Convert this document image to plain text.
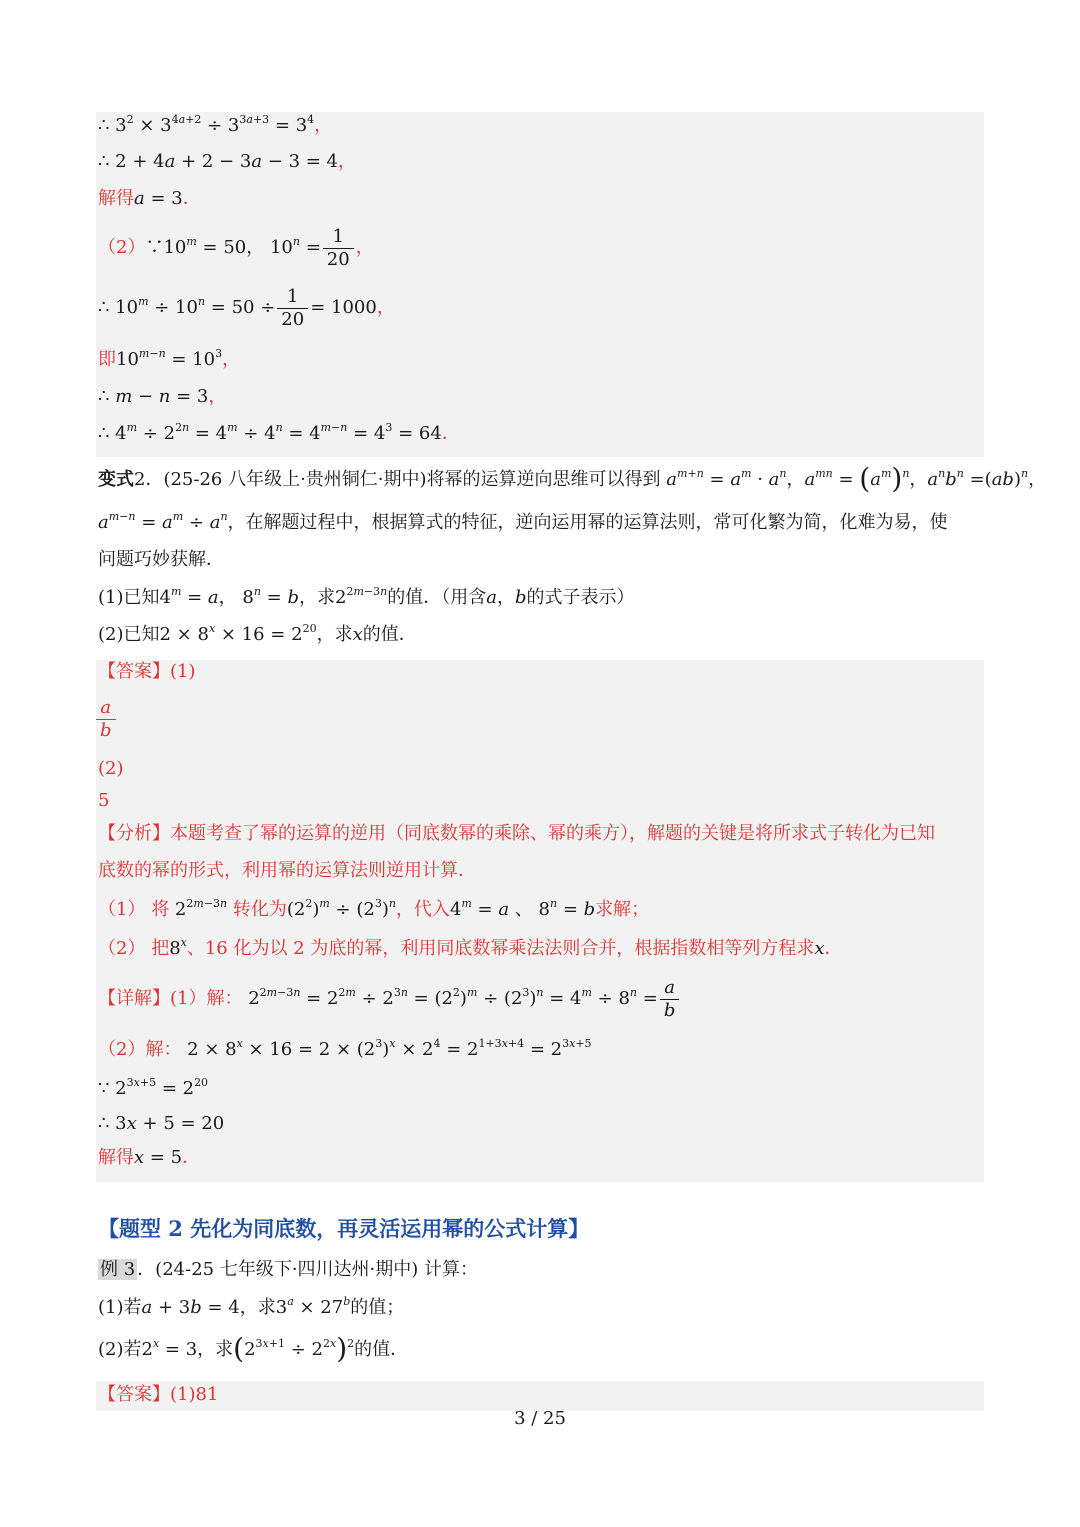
∴ $3^2 \times 3^{4a+2} \div 3^{3a+3} = 3^4$，
∴ 2 + 4a + 2 − 3a − 3 = 4，
解得a = 3．
$(2)\because 10^m = 50$， $10^n = \frac{1}{20}$ ，
∴ $10^m \div 10^n = 50 \div \frac{1}{20} = 1000$，
即$10^{m-n} = 10^3$，
∴ m − n = 3，
∴ $4^m \div 2^{2n} = 4^m \div 4^n = 4^{m-n} = 4^3 = 64$．
变式2．(25-26 八年级上·贵州铜仁·期中)将幂的运算逆向思维可以得到 $a^{m+n} = a^m \cdot a^n$，$a^{mn} = (a^m)^n$，$a^nb^n =(ab)^n$，
$a^{m-n} = a^m \div a^n$，在解题过程中，根据算式的特征，逆向运用幂的运算法则，常可化繁为简，化难为易，使
问题巧妙获解．
(1)已知$4^m = a$， $8^n = b$，求$2^{2m-3n}$的值．（用含a，b的式子表示）
(2)已知$2 \times 8^x \times 16 = 2^{20}$，求x的值．
【答案】(1)
$\frac{a}{b}$
(2)
5
【分析】本题考查了幂的运算的逆用（同底数幂的乘除、幂的乘方），解题的关键是将所求式子转化为已知
底数的幂的形式，利用幂的运算法则逆用计算．
（1） 将 $2^{2m-3n}$ 转化为$(2^2)^m \div (2^3)^n$，代入$4^m = a$ 、 $8^n = b$求解；
（2） 把8$^x$、16 化为以 2 为底的幂，利用同底数幂乘法法则合并，根据指数相等列方程求x．
【详解】(1）解： $2^{2m-3n} = 2^{2m} \div 2^{3n} = (2^2)^m \div (2^3)^n = 4^m \div 8^n = \frac{a}{b}$
（2）解： $2 \times 8^x \times 16 = 2 \times (2^3)^x \times 2^4 = 2^{1+3x+4} = 2^{3x+5}$
∵ $2^{3x+5} = 2^{20}$
∴ 3x + 5 = 20
解得x = 5．
【题型 2 先化为同底数，再灵活运用幂的公式计算】
例 3 ．(24-25 七年级下·四川达州·期中) 计算：
(1)若a + 3b = 4，求$3^a \times 27^b$的值；
(2)若$2^x = 3$，求$(2^{3x+1} \div 2^{2x})^2$的值．
【答案】(1)81
3 / 25
